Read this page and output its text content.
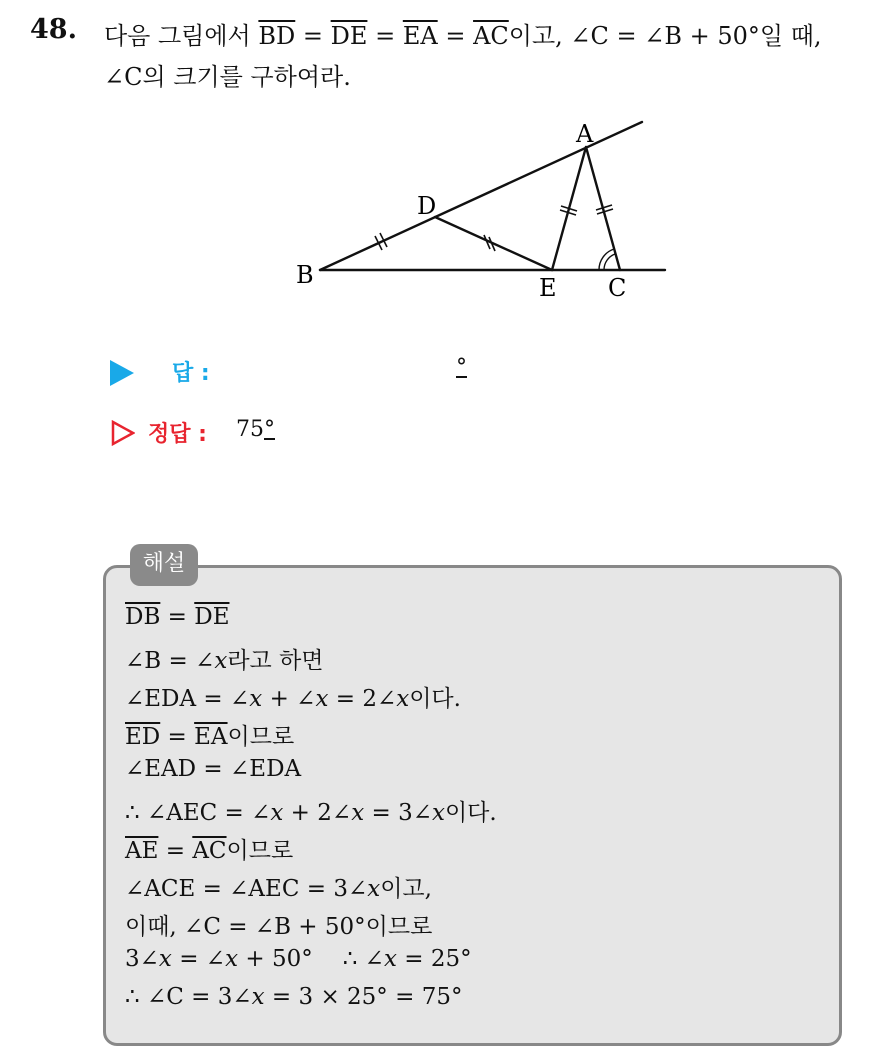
48. 다음 그림에서 $\overline{BD} = \overline{DE} = \overline{EA} = \overline{AC}$이고, ∠C = ∠B + 50°일 때,
∠C의 크기를 구하여라.
A
B	C
D
E
답 :	°
정답 : 75°
해설
$\overline{DB} = \overline{DE}$
∠B = ∠x라고 하면
∠EDA = ∠x + ∠x = 2∠x이다.
$\overline{ED} = \overline{EA}$이므로
∠EAD = ∠EDA
∴ ∠AEC = ∠x + 2∠x = 3∠x이다.
$\overline{AE} = \overline{AC}$이므로
∠ACE = ∠AEC = 3∠x이고,
이때, ∠C = ∠B + 50°이므로
3∠x = ∠x + 50° ∴ ∠x = 25°
∴ ∠C = 3∠x = 3 × 25° = 75°
